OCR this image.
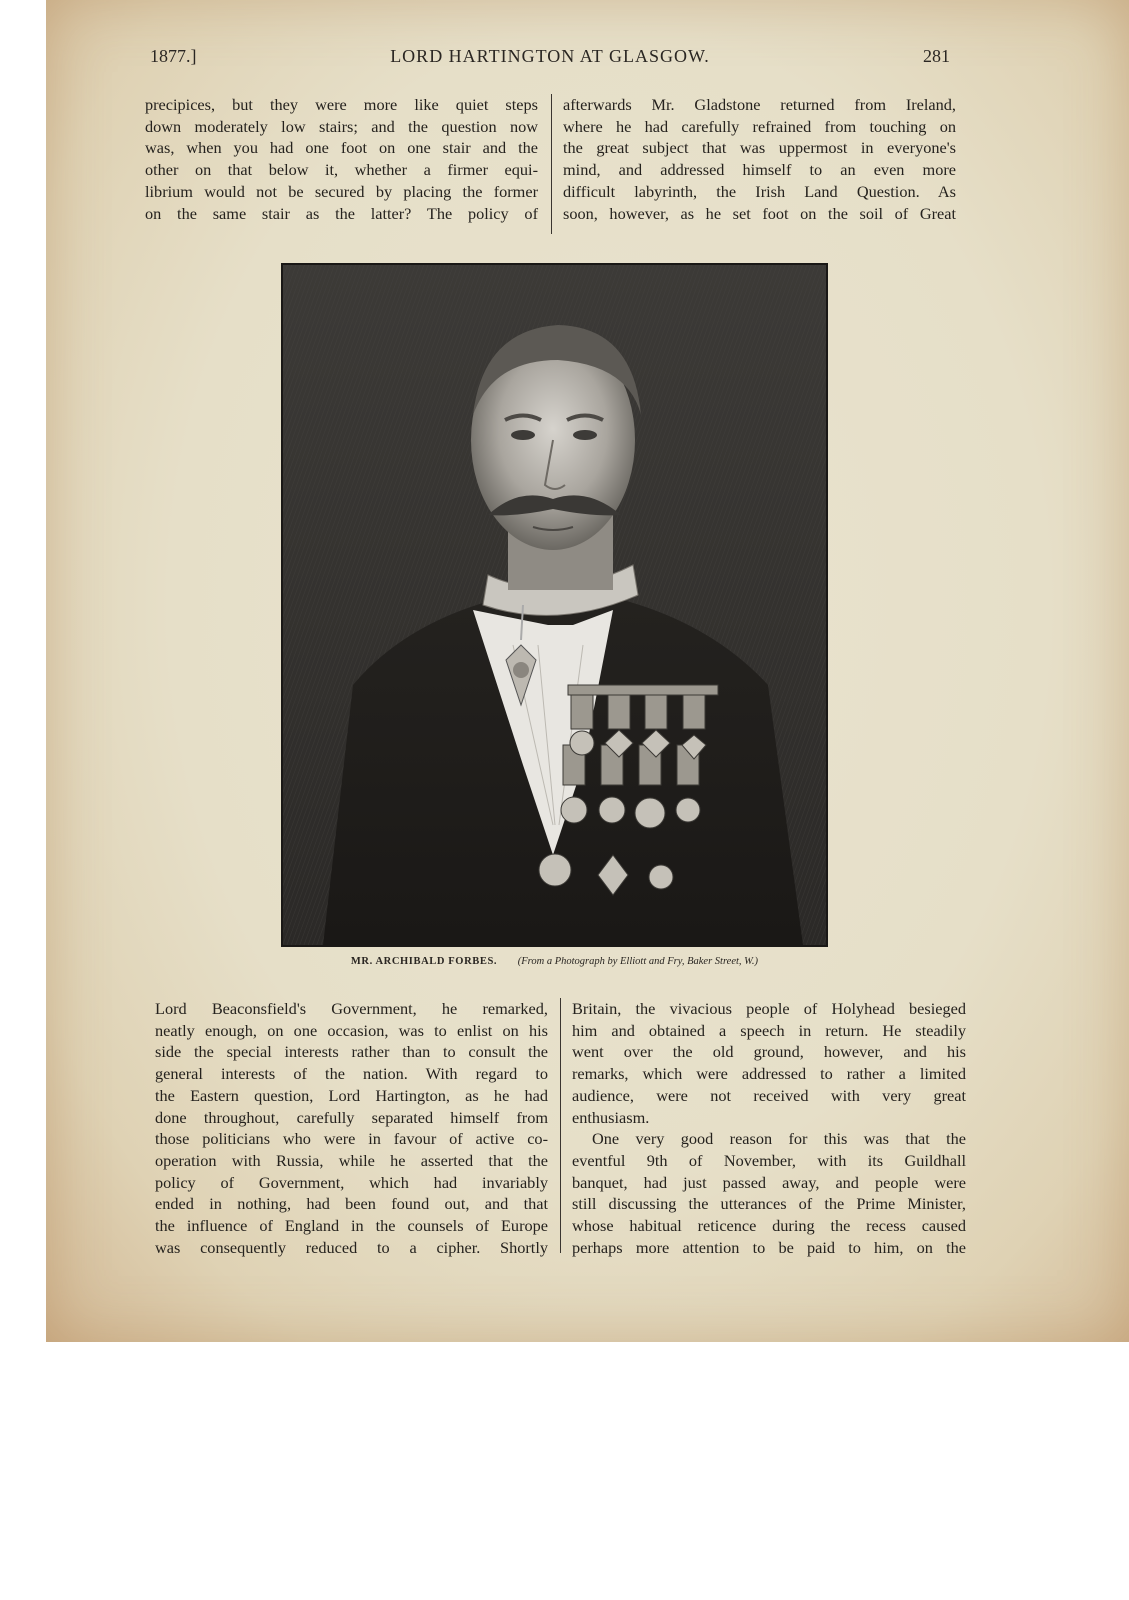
1877.]	LORD HARTINGTON AT GLASGOW.	281
precipices, but they were more like quiet steps
down moderately low stairs; and the question now
was, when you had one foot on one stair and the
other on that below it, whether a firmer equi-
librium would not be secured by placing the former
on the same stair as the latter? The policy of
afterwards Mr. Gladstone returned from Ireland,
where he had carefully refrained from touching on
the great subject that was uppermost in everyone's
mind, and addressed himself to an even more
difficult labyrinth, the Irish Land Question. As
soon, however, as he set foot on the soil of Great
MR. ARCHIBALD FORBES. (From a Photograph by Elliott and Fry, Baker Street, W.)
Lord Beaconsfield's Government, he remarked,
neatly enough, on one occasion, was to enlist on his
side the special interests rather than to consult the
general interests of the nation. With regard to
the Eastern question, Lord Hartington, as he had
done throughout, carefully separated himself from
those politicians who were in favour of active co-
operation with Russia, while he asserted that the
policy of Government, which had invariably
ended in nothing, had been found out, and that
the influence of England in the counsels of Europe
was consequently reduced to a cipher. Shortly
Britain, the vivacious people of Holyhead besieged
him and obtained a speech in return. He steadily
went over the old ground, however, and his
remarks, which were addressed to rather a limited
audience, were not received with very great
enthusiasm.
One very good reason for this was that the
eventful 9th of November, with its Guildhall
banquet, had just passed away, and people were
still discussing the utterances of the Prime Minister,
whose habitual reticence during the recess caused
perhaps more attention to be paid to him, on the
